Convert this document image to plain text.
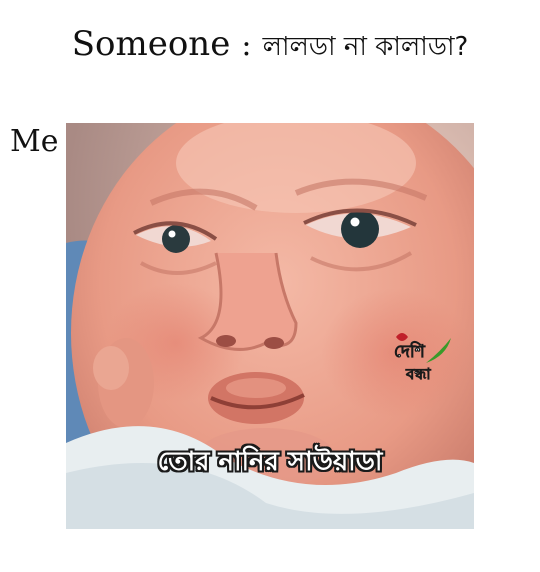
Someone : লালডা না কালাডা?
Me
দেশি
বন্ধা
তোর নানির সাউয়াডা
